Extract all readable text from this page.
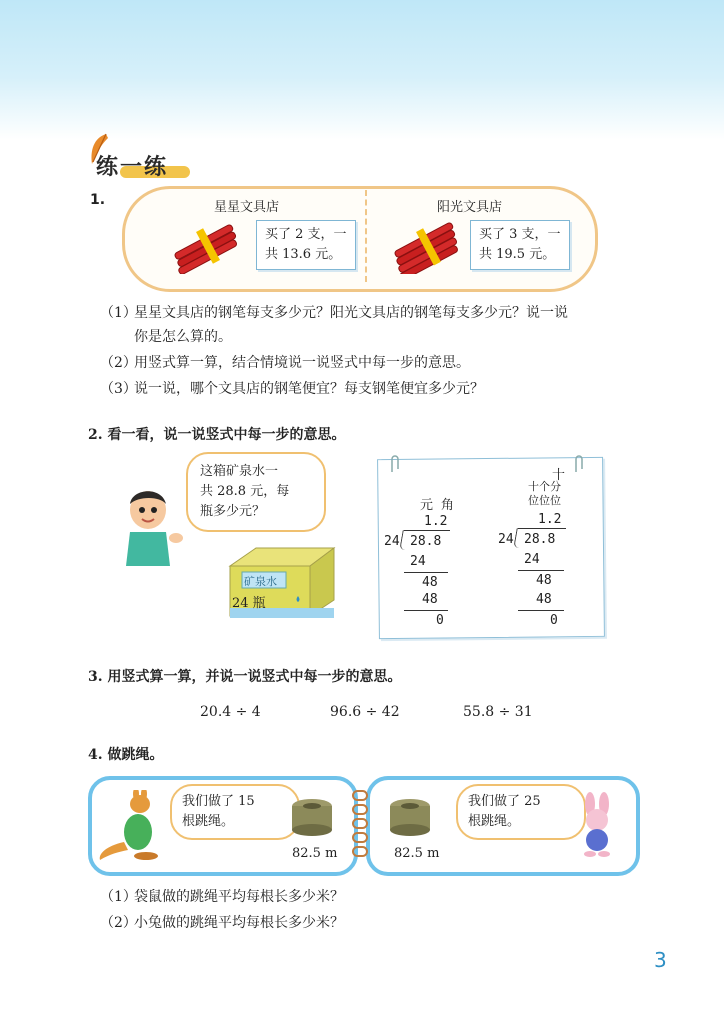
练一练
1.	星星文具店
买了 2 支，一
共 13.6 元。
阳光文具店
买了 3 支，一
共 19.5 元。
（1）
星星文具店的钢笔每支多少元？阳光文具店的钢笔每支多少元？说一说
你是怎么算的。
（2）
用竖式算一算，结合情境说一说竖式中每一步的意思。
（3）
说一说，哪个文具店的钢笔便宜？每支钢笔便宜多少元？
2. 看一看，说一说竖式中每一步的意思。
这箱矿泉水一
共 28.8 元，每
瓶多少元？
矿泉水
24 瓶
元 角
1.2
24 28.8
24
48
48
0
十
十个分
位位位
1.2
24 28.8
24
48
48
0
3. 用竖式算一算，并说一说竖式中每一步的意思。
20.4 ÷ 4	96.6 ÷ 42	55.8 ÷ 31
4. 做跳绳。
我们做了 15
根跳绳。
82.5 m	82.5 m
我们做了 25
根跳绳。
（1）
袋鼠做的跳绳平均每根长多少米？
（2）
小兔做的跳绳平均每根长多少米？
3
